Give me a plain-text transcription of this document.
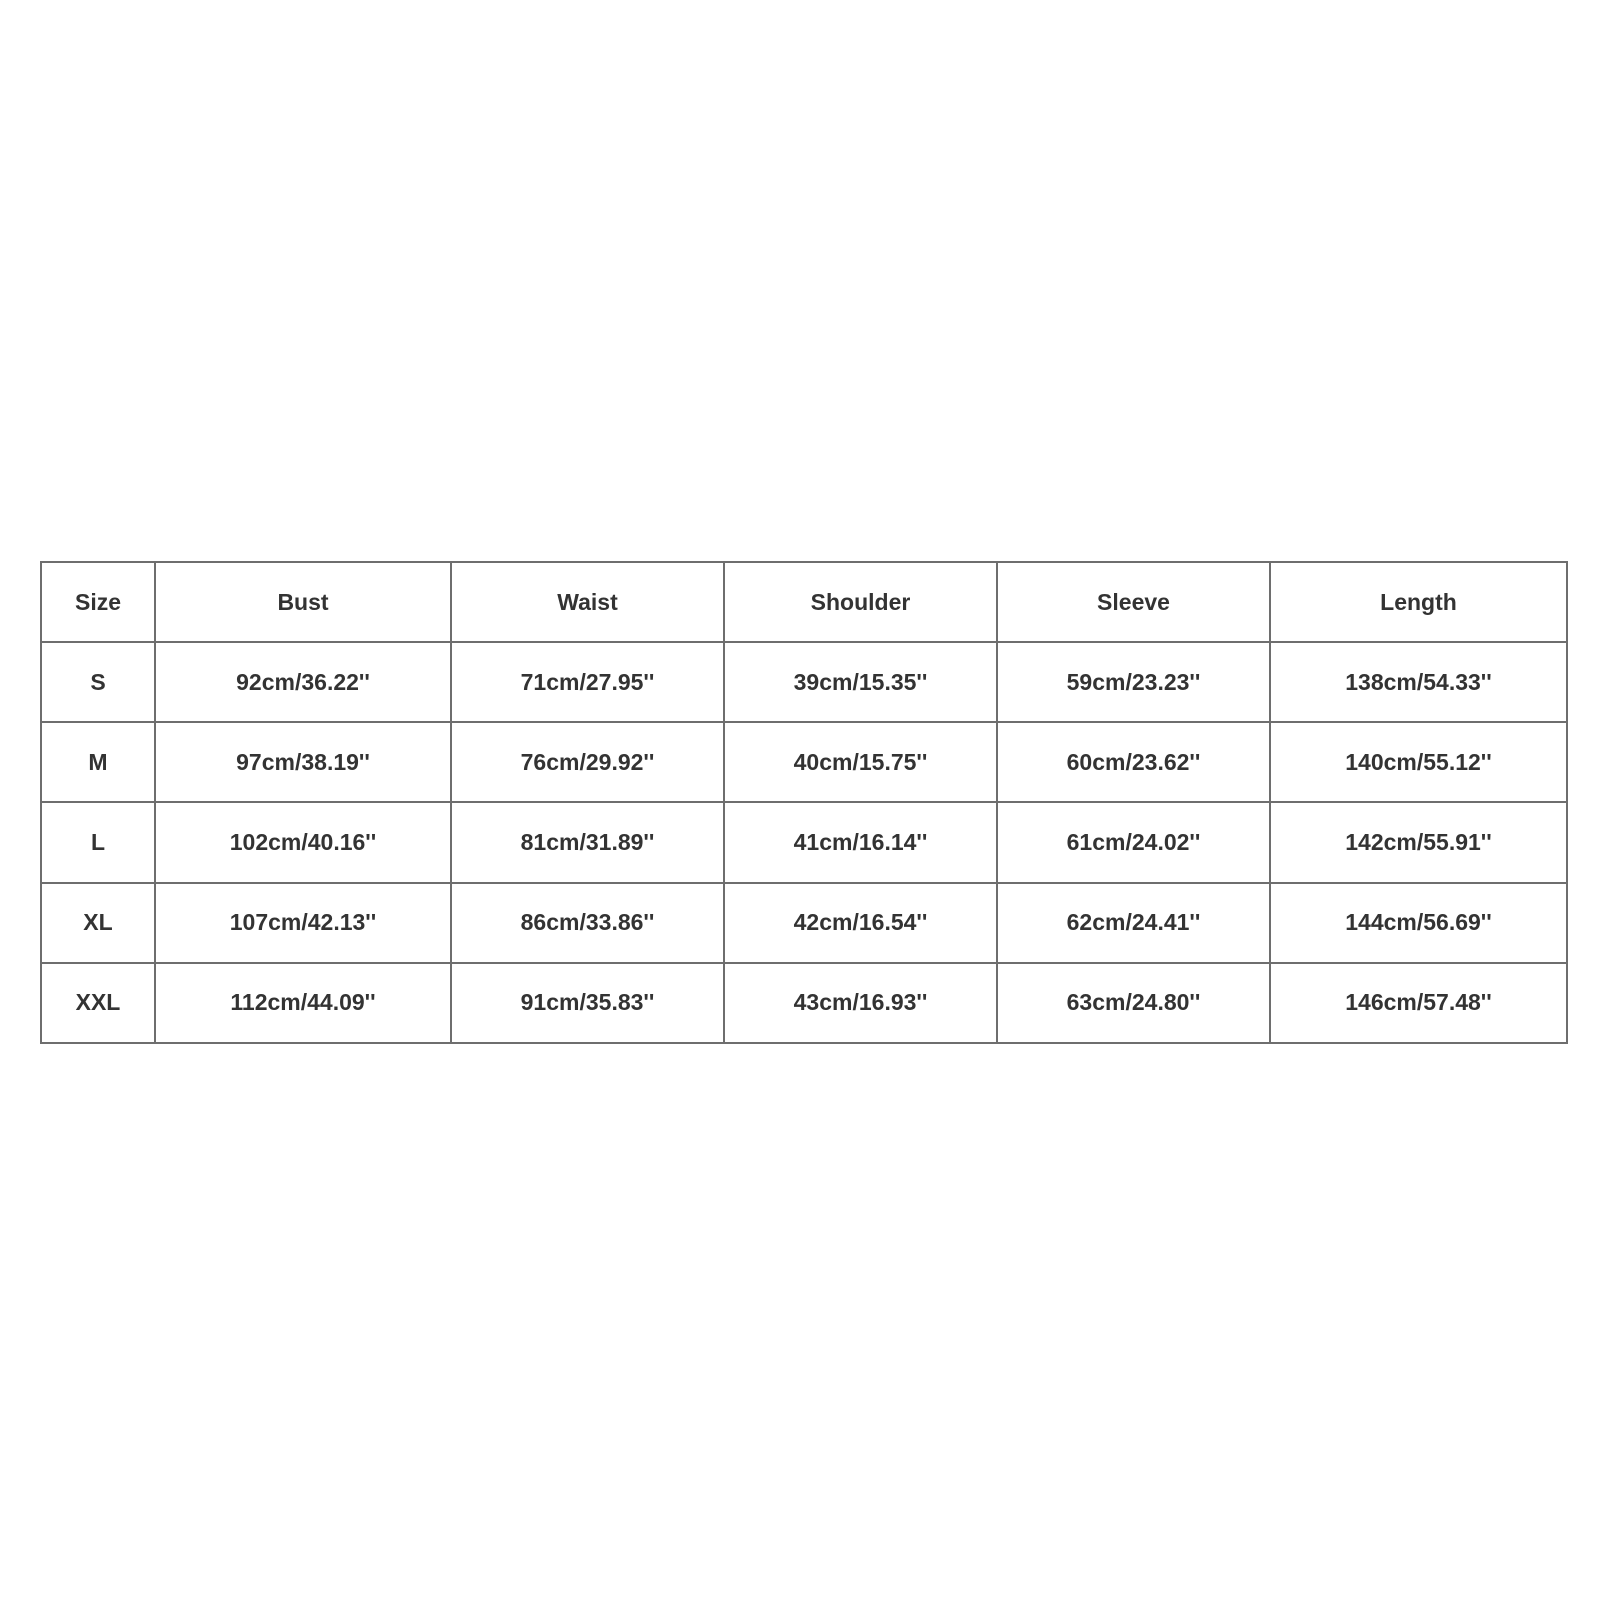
Size	Bust	Waist	Shoulder	Sleeve	Length
S	92cm/36.22''	71cm/27.95''	39cm/15.35''	59cm/23.23''	138cm/54.33''
M	97cm/38.19''	76cm/29.92''	40cm/15.75''	60cm/23.62''	140cm/55.12''
L	102cm/40.16''	81cm/31.89''	41cm/16.14''	61cm/24.02''	142cm/55.91''
XL	107cm/42.13''	86cm/33.86''	42cm/16.54''	62cm/24.41''	144cm/56.69''
XXL	112cm/44.09''	91cm/35.83''	43cm/16.93''	63cm/24.80''	146cm/57.48''
